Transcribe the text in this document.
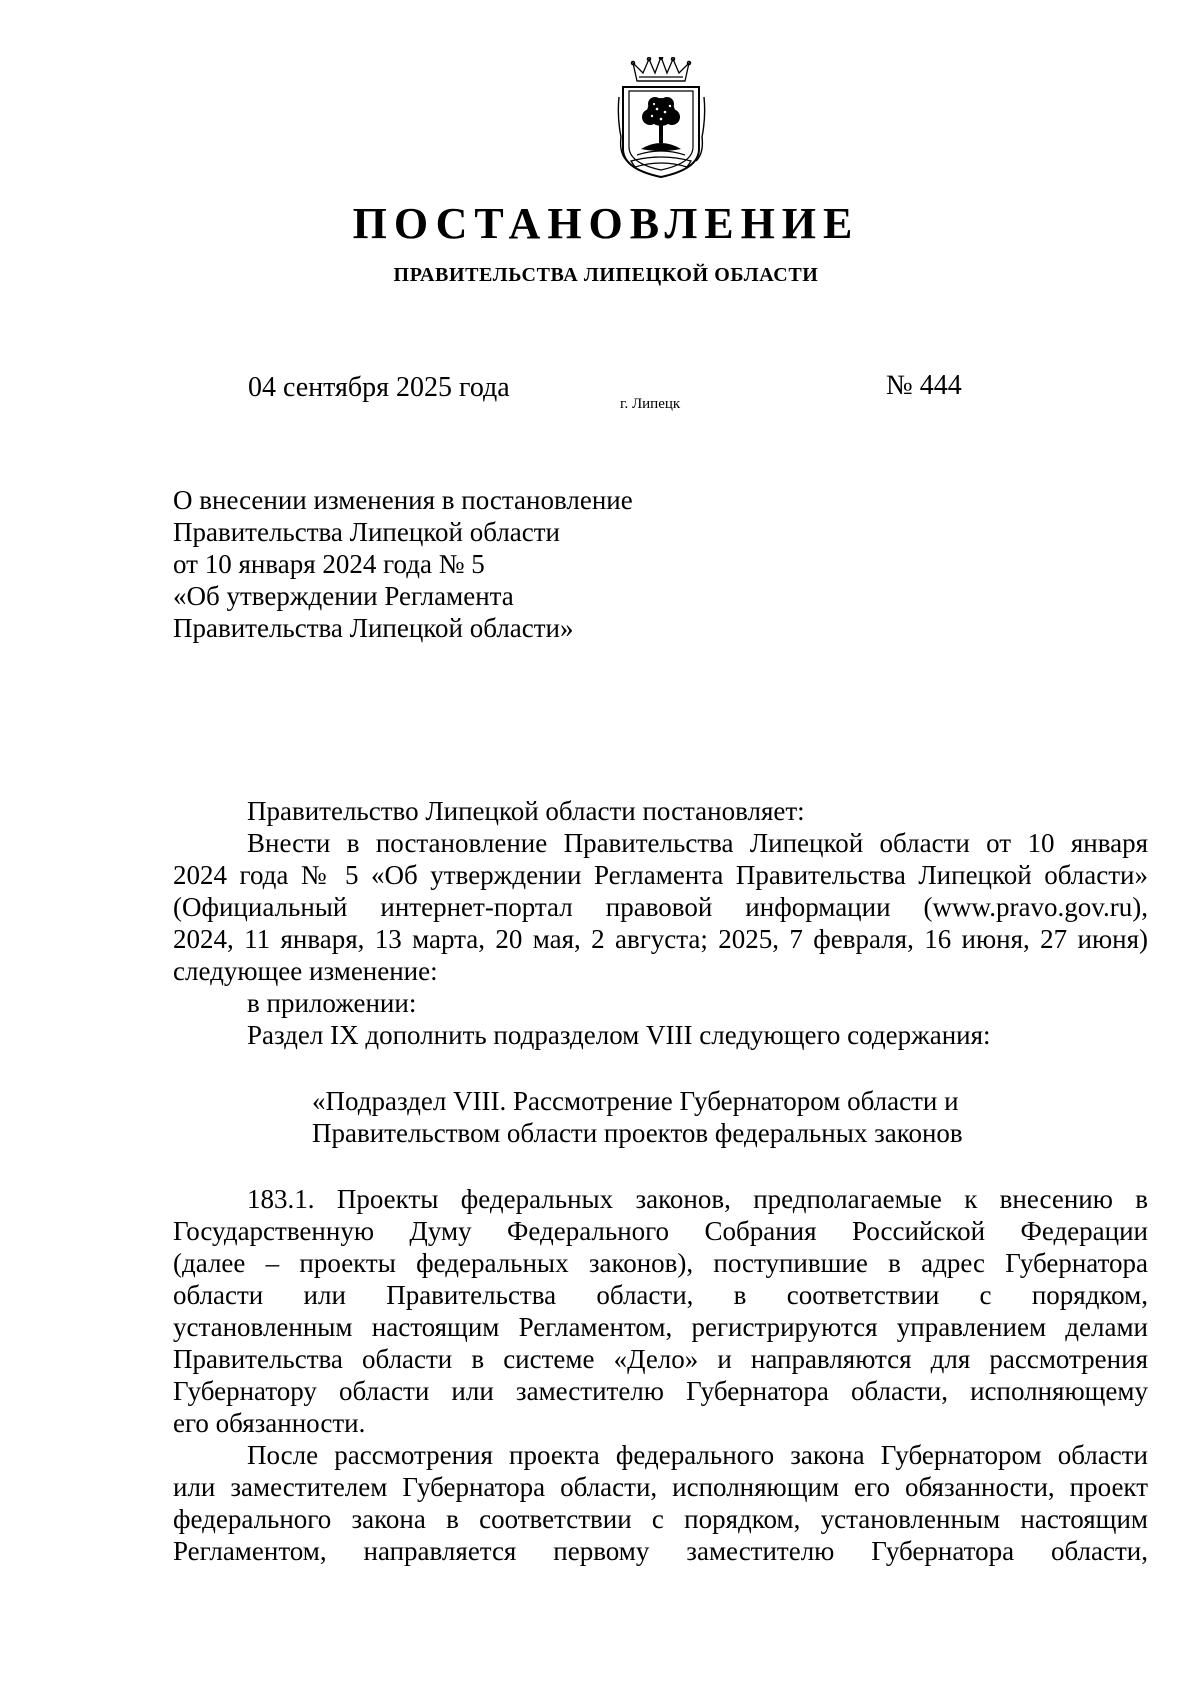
ПОСТАНОВЛЕНИЕ
ПРАВИТЕЛЬСТВА ЛИПЕЦКОЙ ОБЛАСТИ
04 сентября 2025 года
г. Липецк
№ 444
О внесении изменения в постановление
Правительства Липецкой области
от 10 января 2024 года № 5
«Об утверждении Регламента
Правительства Липецкой области»
Правительство Липецкой области постановляет:
Внести в постановление Правительства Липецкой области от 10 января
2024 года № 5 «Об утверждении Регламента Правительства Липецкой области»
(Официальный интернет-портал правовой информации (www.pravo.gov.ru),
2024, 11 января, 13 марта, 20 мая, 2 августа; 2025, 7 февраля, 16 июня, 27 июня)
следующее изменение:
в приложении:
Раздел IX дополнить подразделом VIII следующего содержания:
«Подраздел VIII. Рассмотрение Губернатором области и
Правительством области проектов федеральных законов
183.1. Проекты федеральных законов, предполагаемые к внесению в
Государственную Думу Федерального Собрания Российской Федерации
(далее – проекты федеральных законов), поступившие в адрес Губернатора
области или Правительства области, в соответствии с порядком,
установленным настоящим Регламентом, регистрируются управлением делами
Правительства области в системе «Дело» и направляются для рассмотрения
Губернатору области или заместителю Губернатора области, исполняющему
его обязанности.
После рассмотрения проекта федерального закона Губернатором области
или заместителем Губернатора области, исполняющим его обязанности, проект
федерального закона в соответствии с порядком, установленным настоящим
Регламентом, направляется первому заместителю Губернатора области,
